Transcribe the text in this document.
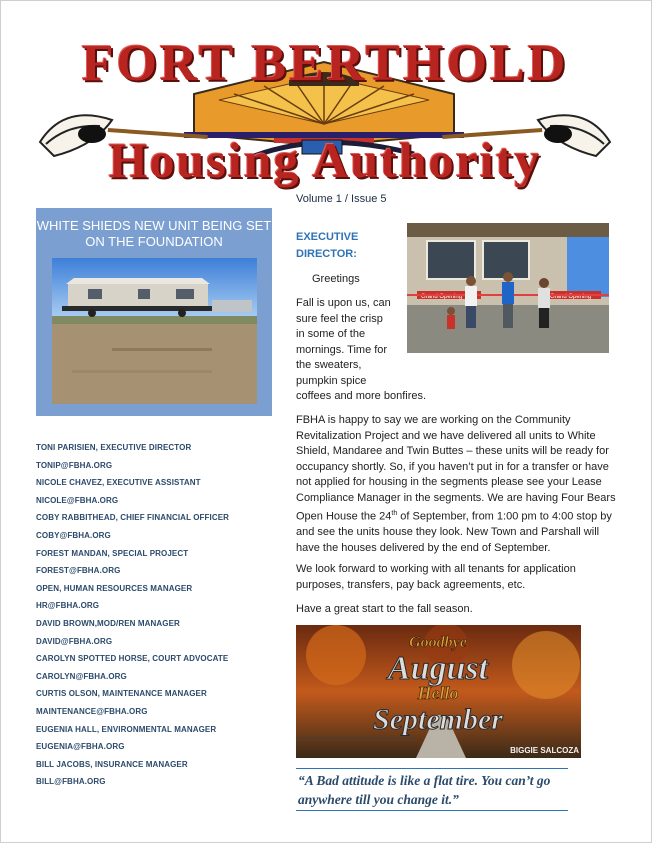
FORT BERTHOLD
Housing Authority
WHITE SHIEDS NEW UNIT BEING SET ON THE FOUNDATION
TONI PARISIEN, EXECUTIVE DIRECTOR
TONIP@FBHA.ORG
NICOLE CHAVEZ, EXECUTIVE ASSISTANT
NICOLE@FBHA.ORG
COBY RABBITHEAD, CHIEF FINANCIAL OFFICER
COBY@FBHA.ORG
FOREST MANDAN, SPECIAL PROJECT
FOREST@FBHA.ORG
OPEN, HUMAN RESOURCES MANAGER
HR@FBHA.ORG
DAVID BROWN,MOD/REN MANAGER
DAVID@FBHA.ORG
CAROLYN SPOTTED HORSE, COURT ADVOCATE
CAROLYN@FBHA.ORG
CURTIS OLSON, MAINTENANCE MANAGER
MAINTENANCE@FBHA.ORG
EUGENIA HALL, ENVIRONMENTAL MANAGER
EUGENIA@FBHA.ORG
BILL JACOBS, INSURANCE MANAGER
BILL@FBHA.ORG
Volume 1 / Issue 5
EXECUTIVE DIRECTOR:
Greetings
Fall is upon us, can sure feel the crisp in some of the mornings. Time for the sweaters, pumpkin spice coffees and more bonfires.
Grand Opening	Grand Opening
FBHA is happy to say we are working on the Community Revitalization Project and we have delivered all units to White Shield, Mandaree and Twin Buttes – these units will be ready for occupancy shortly. So, if you haven’t put in for a transfer or have not applied for housing in the segments please see your Lease Compliance Manager in the segments. We are having Four Bears Open House the 24th of September, from 1:00 pm to 4:00 stop by and see the units house they look. New Town and Parshall will have the houses delivered by the end of September.
We look forward to working with all tenants for application purposes, transfers, pay back agreements, etc.
Have a great start to the fall season.
Goodbye
August
Hello
September
BIGGIE SALCOZA
“A Bad attitude is like a flat tire. You can’t go anywhere till you change it.”
